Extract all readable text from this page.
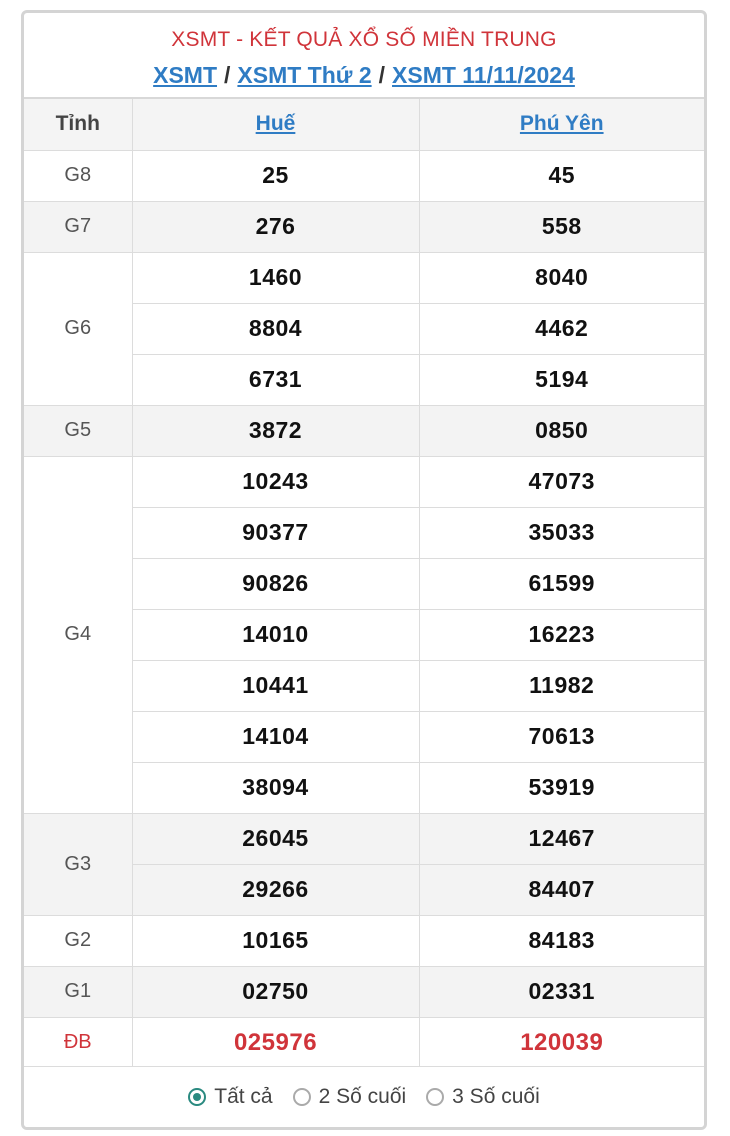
XSMT - KẾT QUẢ XỔ SỐ MIỀN TRUNG
XSMT / XSMT Thứ 2 / XSMT 11/11/2024
Tỉnh	Huế	Phú Yên
G8	25	45
G7	276	558
G6	1460	8040
	8804	4462
	6731	5194
G5	3872	0850
G4	10243	47073
	90377	35033
	90826	61599
	14010	16223
	10441	11982
	14104	70613
	38094	53919
G3	26045	12467
	29266	84407
G2	10165	84183
G1	02750	02331
ĐB	025976	120039
Tất cả 2 Số cuối 3 Số cuối
